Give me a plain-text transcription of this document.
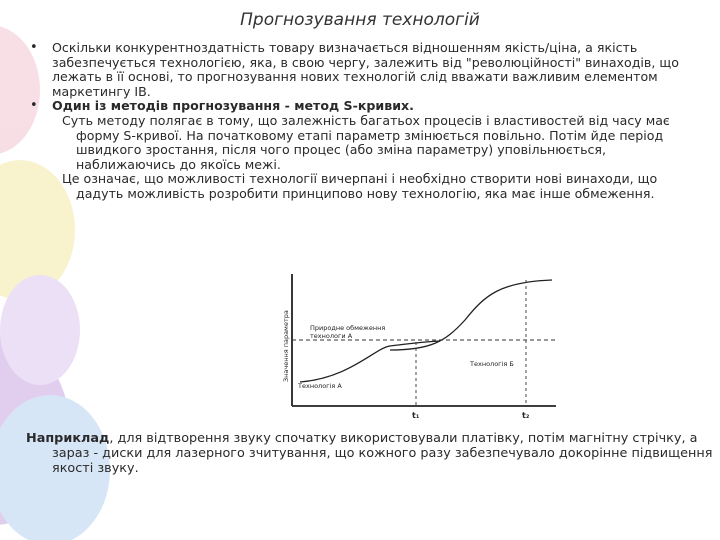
Прогнозування технологій
• Оскільки конкурентноздатність товару визначається відношенням якість/ціна, а якість забезпечується технологією, яка, в свою чергу, залежить від "революційності" винаходів, що лежать в її основі, то прогнозування нових технологій слід вважати важливим елементом маркетингу ІВ.
• Один із методів прогнозування - метод S-кривих.
Суть методу полягає в тому, що залежність багатьох процесів і властивостей від часу має форму S-кривої. На початковому етапі параметр змінюється повільно. Потім йде період швидкого зростання, після чого процес (або зміна параметру) уповільнюється, наближаючись до якоїсь межі.
Це означає, що можливості технології вичерпані і необхідно створити нові винаходи, що дадуть можливість розробити принципово нову технологію, яка має інше обмеження.
Значення параметра	Природне обмеження
технологи А
Технологія А
Технологія Б
t₁	t₂
Наприклад, для відтворення звуку спочатку використовували платівку, потім магнітну стрічку, а зараз - диски для лазерного зчитування, що кожного разу забезпечувало докорінне підвищення якості звуку.
